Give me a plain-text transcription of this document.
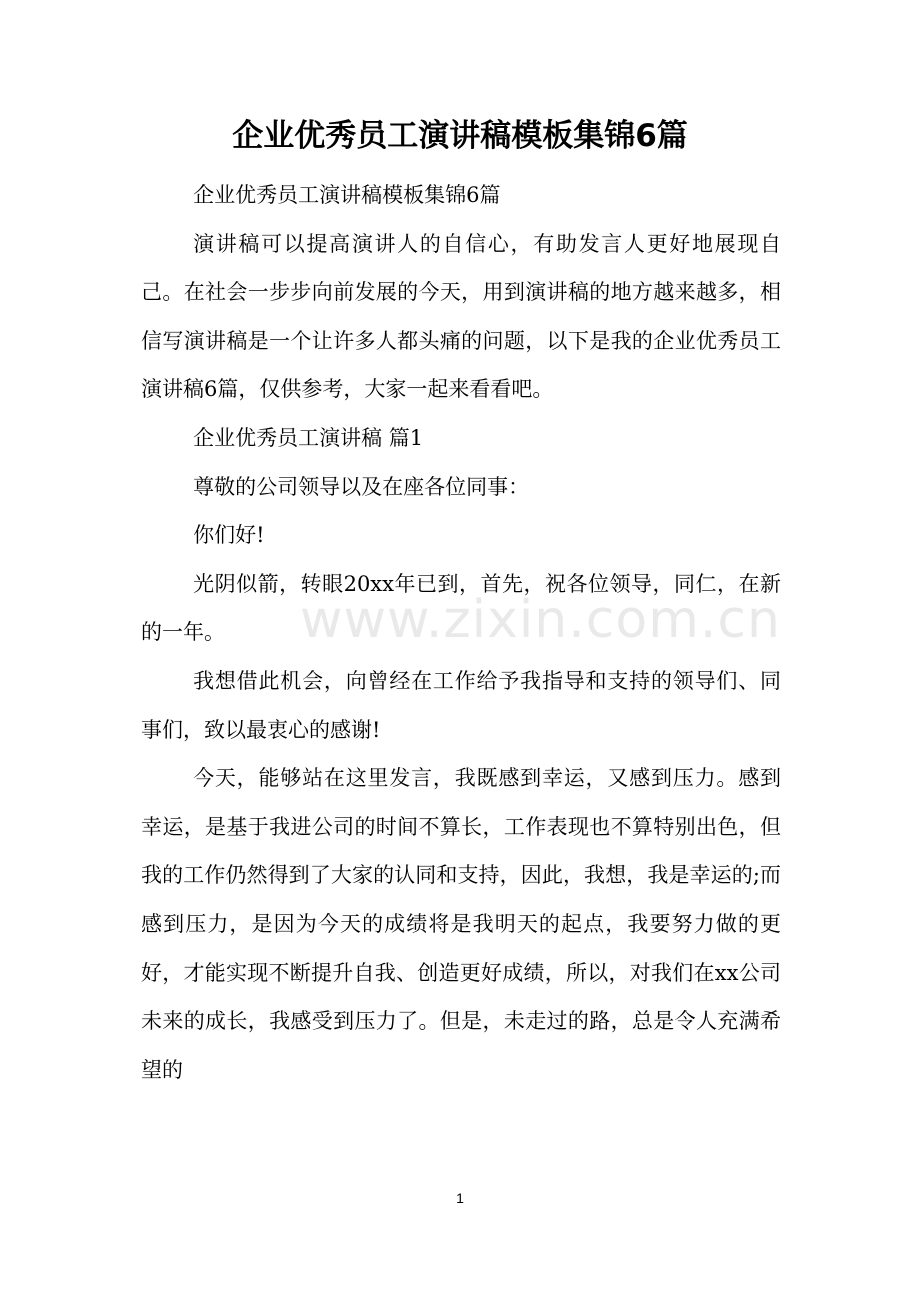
企业优秀员工演讲稿模板集锦6篇

企业优秀员工演讲稿模板集锦6篇

演讲稿可以提高演讲人的自信心，有助发言人更好地展现自己。在社会一步步向前发展的今天，用到演讲稿的地方越来越多，相信写演讲稿是一个让许多人都头痛的问题，以下是我的企业优秀员工演讲稿6篇，仅供参考，大家一起来看看吧。

企业优秀员工演讲稿 篇1

尊敬的公司领导以及在座各位同事：

你们好!

光阴似箭，转眼20xx年已到，首先，祝各位领导，同仁，在新的一年。

我想借此机会，向曾经在工作给予我指导和支持的领导们、同事们，致以最衷心的感谢!

今天，能够站在这里发言，我既感到幸运，又感到压力。感到幸运，是基于我进公司的时间不算长，工作表现也不算特别出色，但我的工作仍然得到了大家的认同和支持，因此，我想，我是幸运的;而感到压力，是因为今天的成绩将是我明天的起点，我要努力做的更好，才能实现不断提升自我、创造更好成绩，所以，对我们在xx公司未来的成长，我感受到压力了。但是，未走过的路，总是令人充满希望的

www.zixin.com.cn
1
